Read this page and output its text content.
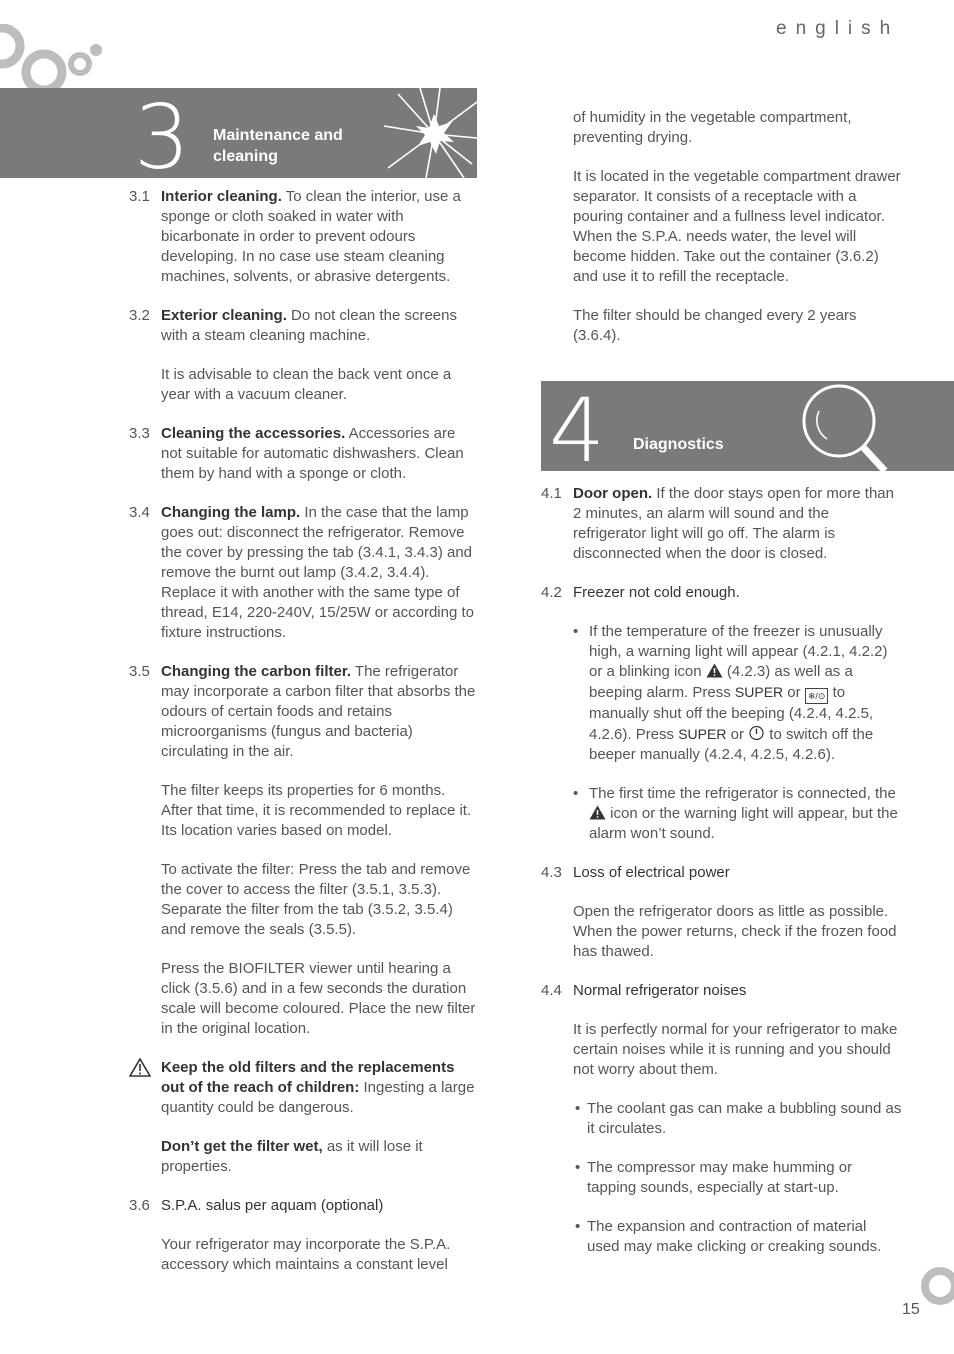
english
3 Maintenance and
cleaning
3.1 Interior cleaning. To clean the interior, use a sponge or cloth soaked in water with bicarbonate in order to prevent odours developing. In no case use steam cleaning machines, solvents, or abrasive detergents.

3.2 Exterior cleaning. Do not clean the screens with a steam cleaning machine.

It is advisable to clean the back vent once a year with a vacuum cleaner.

3.3 Cleaning the accessories. Accessories are not suitable for automatic dishwashers. Clean them by hand with a sponge or cloth.

3.4 Changing the lamp. In the case that the lamp goes out: disconnect the refrigerator. Remove the cover by pressing the tab (3.4.1, 3.4.3) and remove the burnt out lamp (3.4.2, 3.4.4). Replace it with another with the same type of thread, E14, 220-240V, 15/25W or according to fixture instructions.

3.5 Changing the carbon filter. The refrigerator may incorporate a carbon filter that absorbs the odours of certain foods and retains microorganisms (fungus and bacteria) circulating in the air.

The filter keeps its properties for 6 months. After that time, it is recommended to replace it. Its location varies based on model.

To activate the filter: Press the tab and remove the cover to access the filter (3.5.1, 3.5.3). Separate the filter from the tab (3.5.2, 3.5.4) and remove the seals (3.5.5).

Press the BIOFILTER viewer until hearing a click (3.5.6) and in a few seconds the duration scale will become coloured. Place the new filter in the original location.

Keep the old filters and the replacements out of the reach of children: Ingesting a large quantity could be dangerous.

Don’t get the filter wet, as it will lose it properties.

3.6 S.P.A. salus per aquam (optional)

Your refrigerator may incorporate the S.P.A. accessory which maintains a constant level

of humidity in the vegetable compartment, preventing drying.

It is located in the vegetable compartment drawer separator. It consists of a receptacle with a pouring container and a fullness level indicator. When the S.P.A. needs water, the level will become hidden. Take out the container (3.6.2) and use it to refill the receptacle.

The filter should be changed every 2 years (3.6.4).

4 Diagnostics
4.1 Door open. If the door stays open for more than 2 minutes, an alarm will sound and the refrigerator light will go off. The alarm is disconnected when the door is closed.

4.2 Freezer not cold enough.

• If the temperature of the freezer is unusually high, a warning light will appear (4.2.1, 4.2.2) or a blinking icon  (4.2.3) as well as a beeping alarm. Press SUPER or ❄/⊙ to manually shut off the beeping (4.2.4, 4.2.5, 4.2.6). Press SUPER or  to switch off the beeper manually (4.2.4, 4.2.5, 4.2.6).

• The first time the refrigerator is connected, the  icon or the warning light will appear, but the alarm won’t sound.

4.3 Loss of electrical power

Open the refrigerator doors as little as possible. When the power returns, check if the frozen food has thawed.

4.4 Normal refrigerator noises

It is perfectly normal for your refrigerator to make certain noises while it is running and you should not worry about them.

• The coolant gas can make a bubbling sound as it circulates.

• The compressor may make humming or tapping sounds, especially at start-up.

• The expansion and contraction of material used may make clicking or creaking sounds.

15
